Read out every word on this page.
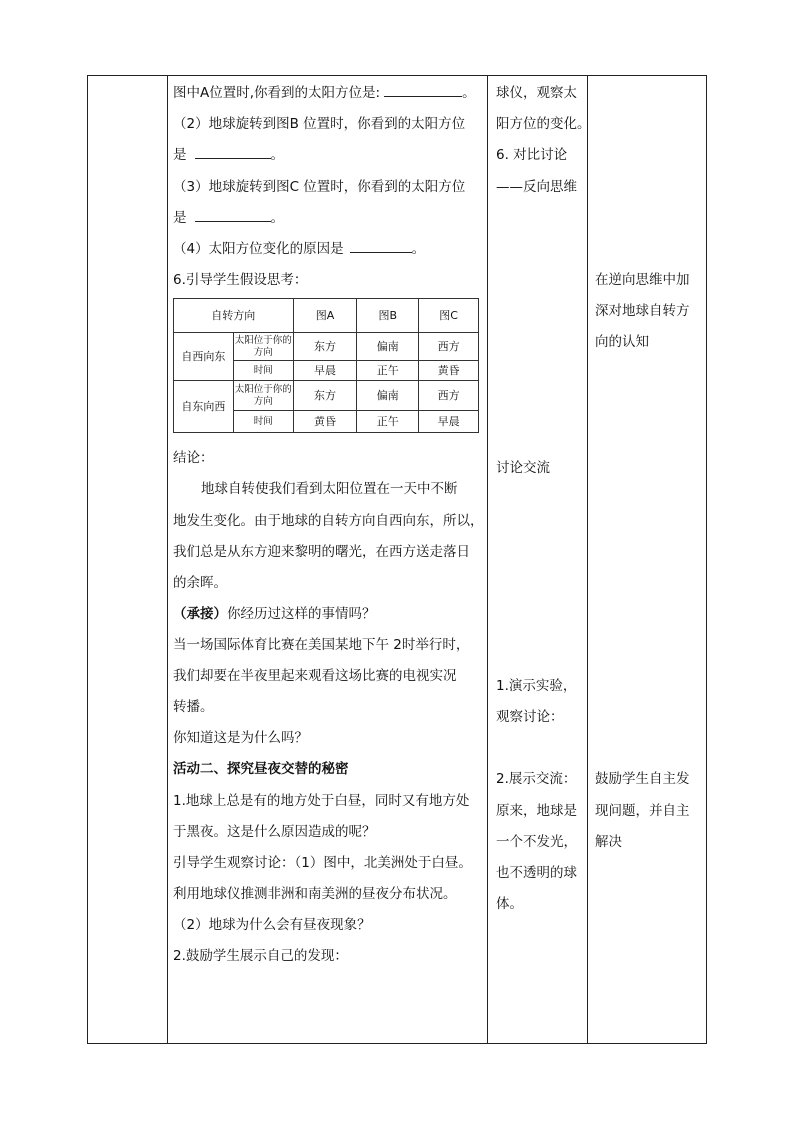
图中A位置时,你看到的太阳方位是:	。
（2）地球旋转到图B 位置时，你看到的太阳方位
是	。
（3）地球旋转到图C 位置时，你看到的太阳方位
是	。
（4）太阳方位变化的原因是	。
6.引导学生假设思考：
自转方向		图A	图B	图C
自西向东	太阳位于你的方向	东方	偏南	西方
	时间	早晨	正午	黄昏
自东向西	太阳位于你的方向	东方	偏南	西方
	时间	黄昏	正午	早晨
结论：
地球自转使我们看到太阳位置在一天中不断
地发生变化。由于地球的自转方向自西向东，所以，
我们总是从东方迎来黎明的曙光，在西方送走落日
的余晖。
（承接）你经历过这样的事情吗？
当一场国际体育比赛在美国某地下午 2时举行时，
我们却要在半夜里起来观看这场比赛的电视实况
转播。
你知道这是为什么吗？
活动二、探究昼夜交替的秘密
1.地球上总是有的地方处于白昼，同时又有地方处
于黑夜。这是什么原因造成的呢？
引导学生观察讨论：（1）图中，北美洲处于白昼。
利用地球仪推测非洲和南美洲的昼夜分布状况。
（2）地球为什么会有昼夜现象？
2.鼓励学生展示自己的发现：
球仪，观察太
阳方位的变化。
6. 对比讨论
——反向思维
讨论交流
1.演示实验，
观察讨论：
2.展示交流：
原来，地球是
一个不发光，
也不透明的球
体。
在逆向思维中加
深对地球自转方
向的认知
鼓励学生自主发
现问题，并自主
解决
